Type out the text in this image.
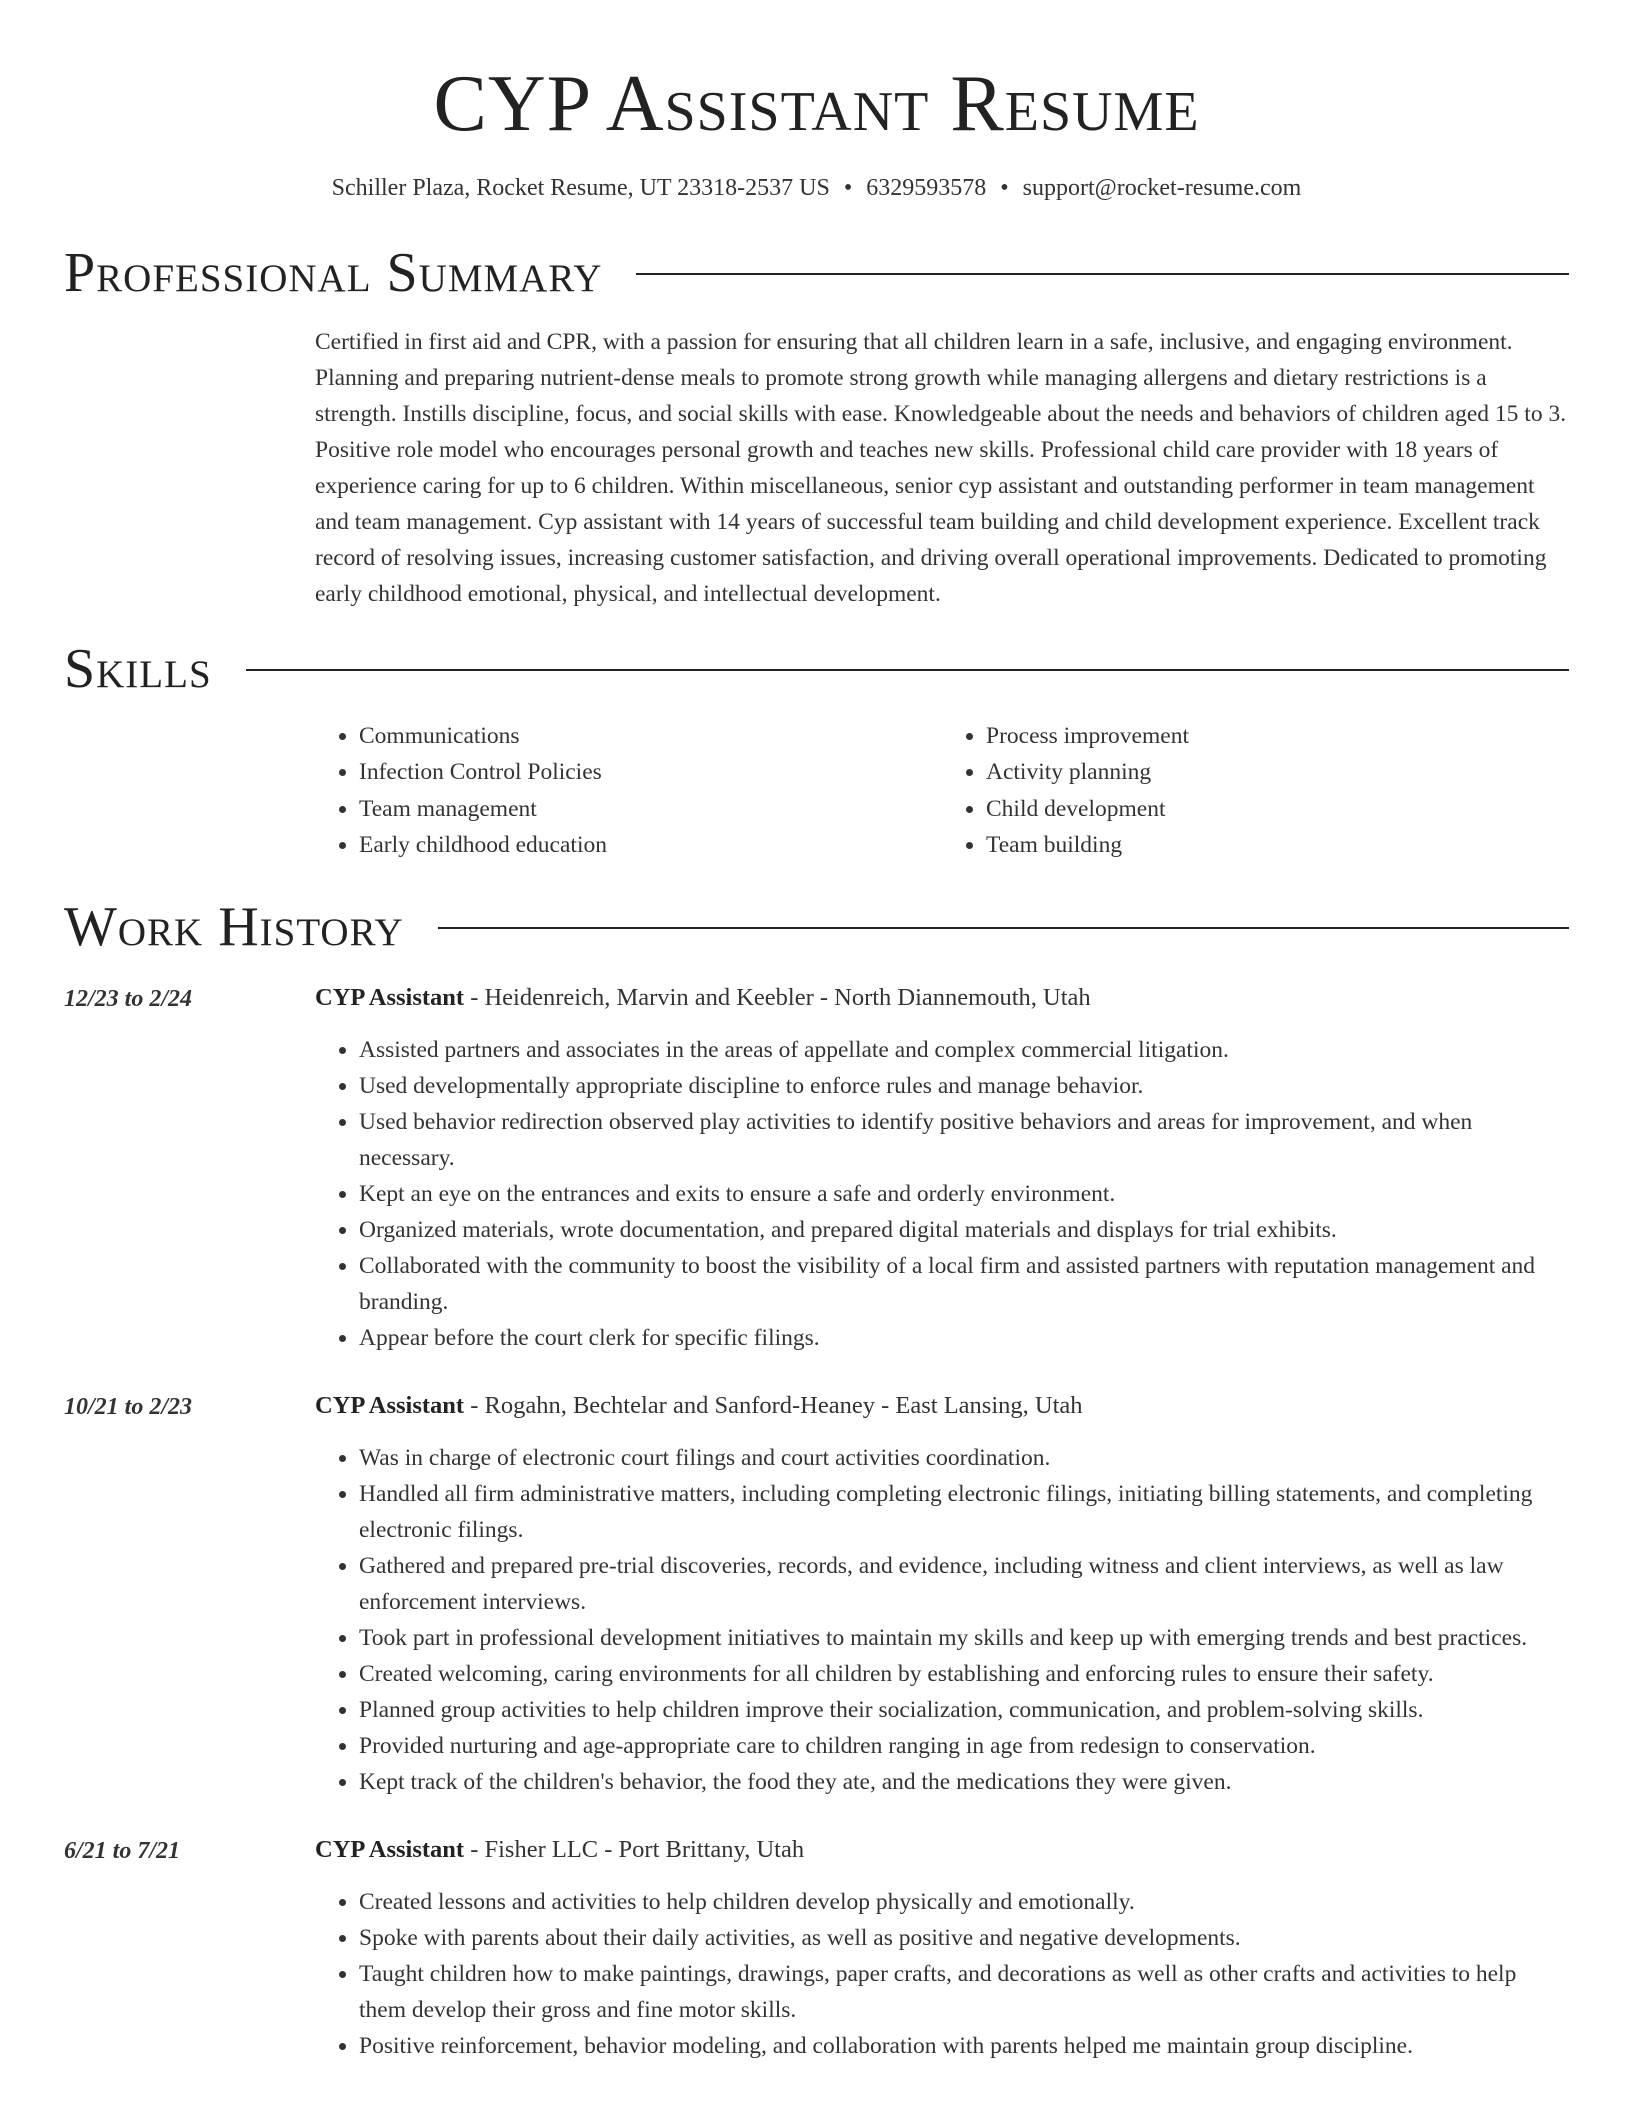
CYP Assistant Resume
Schiller Plaza, Rocket Resume, UT 23318-2537 US • 6329593578 • support@rocket-resume.com
Professional Summary

Certified in first aid and CPR, with a passion for ensuring that all children learn in a safe, inclusive, and engaging environment. Planning and preparing nutrient-dense meals to promote strong growth while managing allergens and dietary restrictions is a strength. Instills discipline, focus, and social skills with ease. Knowledgeable about the needs and behaviors of children aged 15 to 3. Positive role model who encourages personal growth and teaches new skills. Professional child care provider with 18 years of experience caring for up to 6 children. Within miscellaneous, senior cyp assistant and outstanding performer in team management and team management. Cyp assistant with 14 years of successful team building and child development experience. Excellent track record of resolving issues, increasing customer satisfaction, and driving overall operational improvements. Dedicated to promoting early childhood emotional, physical, and intellectual development.

Skills
• Communications
• Infection Control Policies
• Team management
• Early childhood education
• Process improvement
• Activity planning
• Child development
• Team building
Work History
12/23 to 2/24	CYP Assistant - Heidenreich, Marvin and Keebler - North Diannemouth, Utah
• Assisted partners and associates in the areas of appellate and complex commercial litigation.
• Used developmentally appropriate discipline to enforce rules and manage behavior.
• Used behavior redirection observed play activities to identify positive behaviors and areas for improvement, and when necessary.
• Kept an eye on the entrances and exits to ensure a safe and orderly environment.
• Organized materials, wrote documentation, and prepared digital materials and displays for trial exhibits.
• Collaborated with the community to boost the visibility of a local firm and assisted partners with reputation management and branding.
• Appear before the court clerk for specific filings.
10/21 to 2/23	CYP Assistant - Rogahn, Bechtelar and Sanford-Heaney - East Lansing, Utah
• Was in charge of electronic court filings and court activities coordination.
• Handled all firm administrative matters, including completing electronic filings, initiating billing statements, and completing electronic filings.
• Gathered and prepared pre-trial discoveries, records, and evidence, including witness and client interviews, as well as law enforcement interviews.
• Took part in professional development initiatives to maintain my skills and keep up with emerging trends and best practices.
• Created welcoming, caring environments for all children by establishing and enforcing rules to ensure their safety.
• Planned group activities to help children improve their socialization, communication, and problem-solving skills.
• Provided nurturing and age-appropriate care to children ranging in age from redesign to conservation.
• Kept track of the children's behavior, the food they ate, and the medications they were given.
6/21 to 7/21	CYP Assistant - Fisher LLC - Port Brittany, Utah
• Created lessons and activities to help children develop physically and emotionally.
• Spoke with parents about their daily activities, as well as positive and negative developments.
• Taught children how to make paintings, drawings, paper crafts, and decorations as well as other crafts and activities to help them develop their gross and fine motor skills.
• Positive reinforcement, behavior modeling, and collaboration with parents helped me maintain group discipline.
